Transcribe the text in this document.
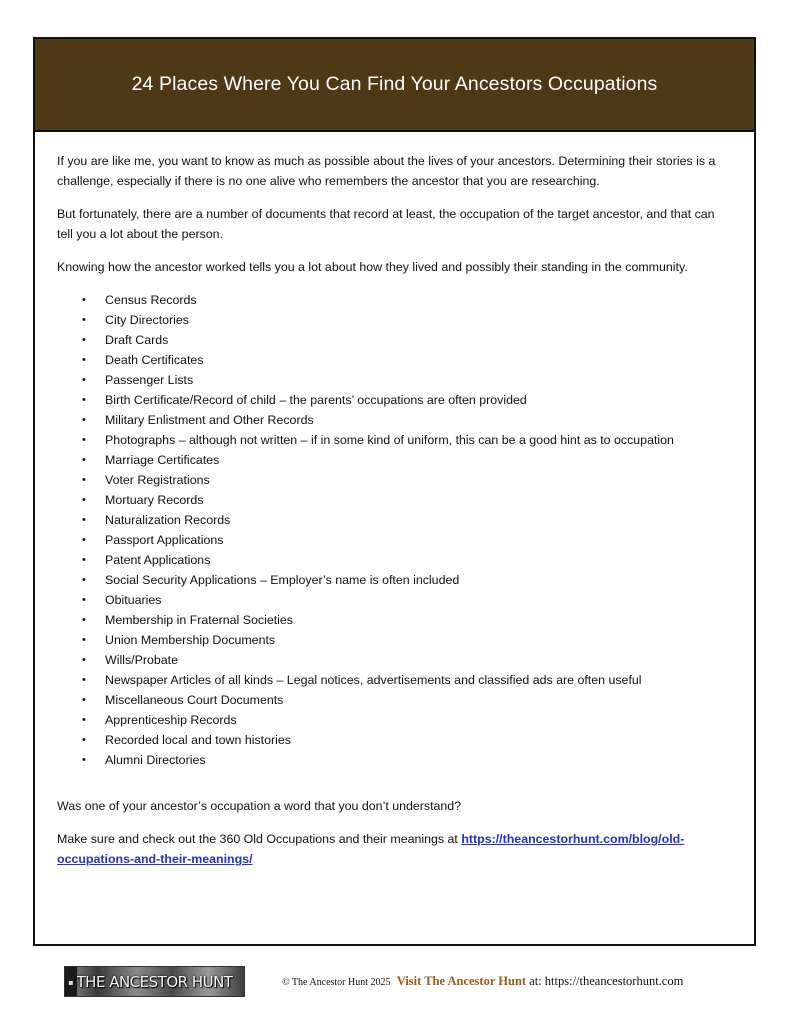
24 Places Where You Can Find Your Ancestors Occupations

If you are like me, you want to know as much as possible about the lives of your ancestors. Determining their stories is a challenge, especially if there is no one alive who remembers the ancestor that you are researching.

But fortunately, there are a number of documents that record at least, the occupation of the target ancestor, and that can tell you a lot about the person.

Knowing how the ancestor worked tells you a lot about how they lived and possibly their standing in the community.

• Census Records
• City Directories
• Draft Cards
• Death Certificates
• Passenger Lists
• Birth Certificate/Record of child – the parents’ occupations are often provided
• Military Enlistment and Other Records
• Photographs – although not written – if in some kind of uniform, this can be a good hint as to occupation
• Marriage Certificates
• Voter Registrations
• Mortuary Records
• Naturalization Records
• Passport Applications
• Patent Applications
• Social Security Applications – Employer’s name is often included
• Obituaries
• Membership in Fraternal Societies
• Union Membership Documents
• Wills/Probate
• Newspaper Articles of all kinds – Legal notices, advertisements and classified ads are often useful
• Miscellaneous Court Documents
• Apprenticeship Records
• Recorded local and town histories
• Alumni Directories

Was one of your ancestor’s occupation a word that you don’t understand?

Make sure and check out the 360 Old Occupations and their meanings at https://theancestorhunt.com/blog/old-occupations-and-their-meanings/

▪ THE ANCESTOR HUNT	© The Ancestor Hunt 2025 Visit The Ancestor Hunt at: https://theancestorhunt.com
